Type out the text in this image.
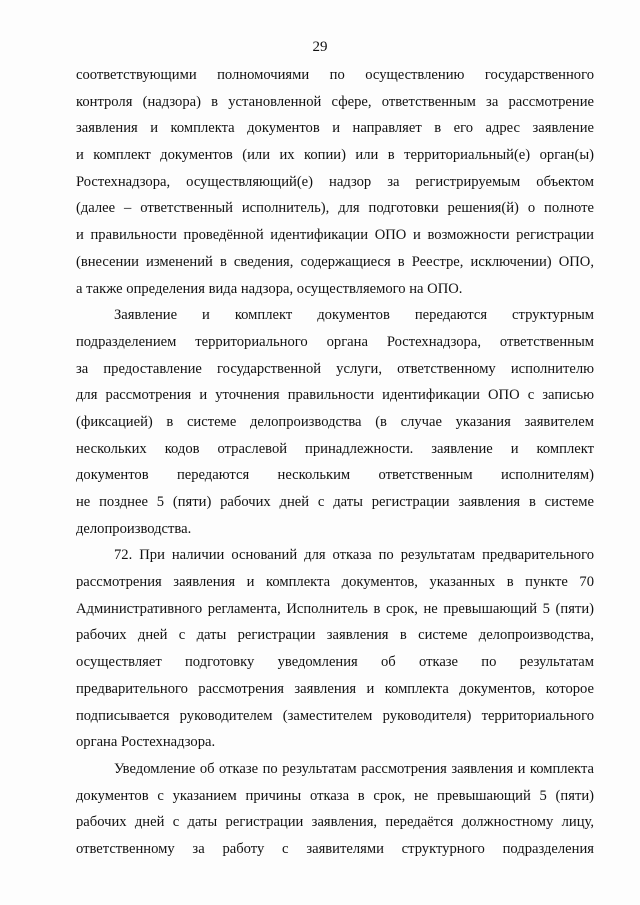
29
соответствующими полномочиями по осуществлению государственного
контроля (надзора) в установленной сфере, ответственным за рассмотрение
заявления и комплекта документов и направляет в его адрес заявление
и комплект документов (или их копии) или в территориальный(е) орган(ы)
Ростехнадзора, осуществляющий(е) надзор за регистрируемым объектом
(далее – ответственный исполнитель), для подготовки решения(й) о полноте
и правильности проведённой идентификации ОПО и возможности регистрации
(внесении изменений в сведения, содержащиеся в Реестре, исключении) ОПО,
а также определения вида надзора, осуществляемого на ОПО.
Заявление и комплект документов передаются структурным
подразделением территориального органа Ростехнадзора, ответственным
за предоставление государственной услуги, ответственному исполнителю
для рассмотрения и уточнения правильности идентификации ОПО с записью
(фиксацией) в системе делопроизводства (в случае указания заявителем
нескольких кодов отраслевой принадлежности. заявление и комплект
документов передаются нескольким ответственным исполнителям)
не позднее 5 (пяти) рабочих дней с даты регистрации заявления в системе
делопроизводства.
72. При наличии оснований для отказа по результатам предварительного
рассмотрения заявления и комплекта документов, указанных в пункте 70
Административного регламента, Исполнитель в срок, не превышающий 5 (пяти)
рабочих дней с даты регистрации заявления в системе делопроизводства,
осуществляет подготовку уведомления об отказе по результатам
предварительного рассмотрения заявления и комплекта документов, которое
подписывается руководителем (заместителем руководителя) территориального
органа Ростехнадзора.
Уведомление об отказе по результатам рассмотрения заявления и комплекта
документов с указанием причины отказа в срок, не превышающий 5 (пяти)
рабочих дней с даты регистрации заявления, передаётся должностному лицу,
ответственному за работу с заявителями структурного подразделения
